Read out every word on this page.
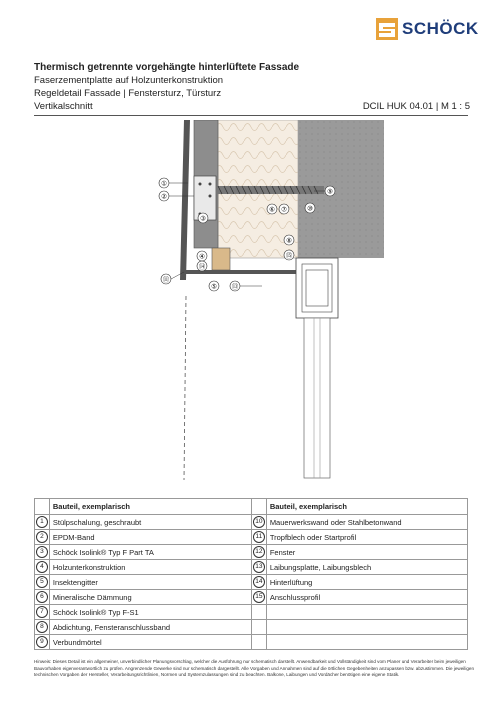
SCHÖCK
Thermisch getrennte vorgehängte hinterlüftete Fassade
Faserzementplatte auf Holzunterkonstruktion
Regeldetail Fassade | Fenstersturz, Türsturz
Vertikalschnitt	DCIL HUK 04.01 | M 1 : 5
①
②
③
④
⑤
⑥ ⑦
⑧
⑨
⑩
⑪
⑬
⑭
⑮
	Bauteil, exemplarisch		Bauteil, exemplarisch
1	Stülpschalung, geschraubt	10	Mauerwerkswand oder Stahlbetonwand
2	EPDM-Band	11	Tropfblech oder Startprofil
3	Schöck Isolink® Typ F Part TA	12	Fenster
4	Holzunterkonstruktion	13	Laibungsplatte, Laibungsblech
5	Insektengitter	14	Hinterlüftung
6	Mineralische Dämmung	15	Anschlussprofil
7	Schöck Isolink® Typ F-S1		
8	Abdichtung, Fensteranschlussband		
9	Verbundmörtel		
Hinweis: Dieses Detail ist ein allgemeiner, unverbindlicher Planungsvorschlag, welcher die Ausführung nur schematisch darstellt. Anwendbarkeit und Vollständigkeit sind vom Planer und Verarbeiter beim jeweiligen Bauvorhaben eigenverantwortlich zu prüfen. Angrenzende Gewerke sind nur schematisch dargestellt. Alle Vorgaben und Annahmen sind auf die örtlichen Gegebenheiten anzupassen bzw. abzustimmen. Die jeweiligen technischen Vorgaben der Hersteller, Verarbeitungsrichtlinien, Normen und Systemzulassungen sind zu beachten. Balkone, Laibungen und Vordächer benötigen eine eigene Statik.
